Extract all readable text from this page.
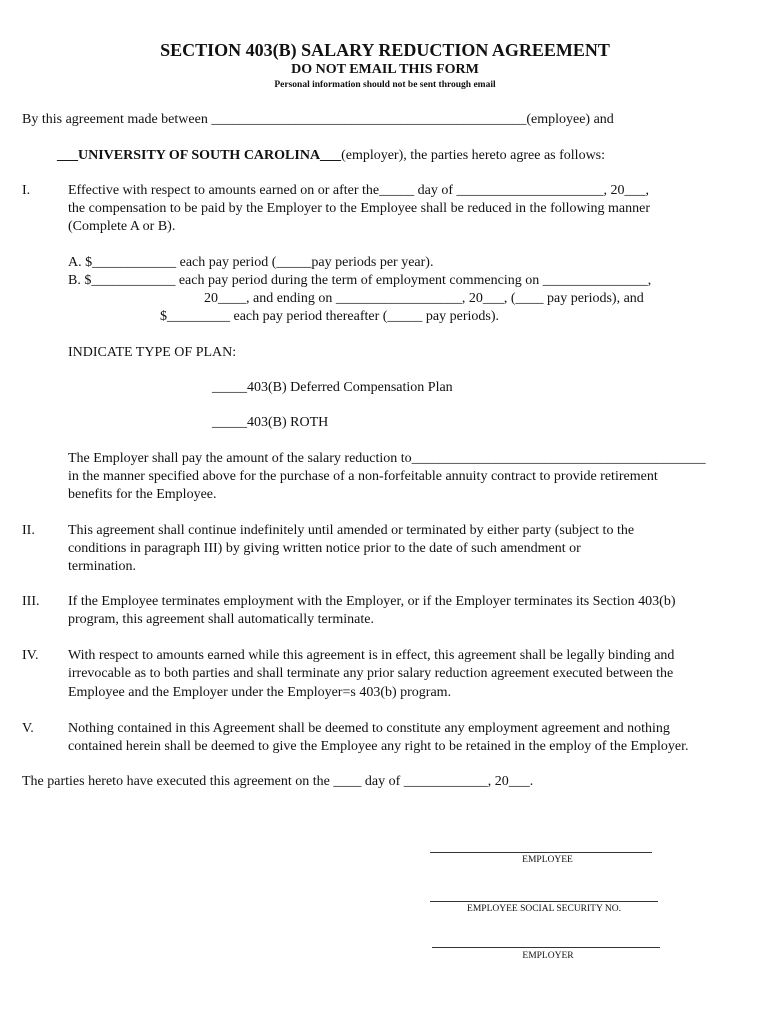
SECTION 403(B) SALARY REDUCTION AGREEMENT
DO NOT EMAIL THIS FORM
Personal information should not be sent through email
By this agreement made between _____________________________________________(employee) and
___UNIVERSITY OF SOUTH CAROLINA___(employer), the parties hereto agree as follows:
I.	Effective with respect to amounts earned on or after the_____ day of _____________________, 20___,
the compensation to be paid by the Employer to the Employee shall be reduced in the following manner
(Complete A or B).
A. $____________ each pay period (_____pay periods per year).
B. $____________ each pay period during the term of employment commencing on _______________,
20____, and ending on __________________, 20___, (____ pay periods), and
$_________ each pay period thereafter (_____ pay periods).
INDICATE TYPE OF PLAN:
_____403(B) Deferred Compensation Plan
_____403(B) ROTH
The Employer shall pay the amount of the salary reduction to__________________________________________
in the manner specified above for the purchase of a non-forfeitable annuity contract to provide retirement
benefits for the Employee.
II. This agreement shall continue indefinitely until amended or terminated by either party (subject to the
conditions in paragraph III) by giving written notice prior to the date of such amendment or
termination.
III. If the Employee terminates employment with the Employer, or if the Employer terminates its Section 403(b)
program, this agreement shall automatically terminate.
IV. With respect to amounts earned while this agreement is in effect, this agreement shall be legally binding and
irrevocable as to both parties and shall terminate any prior salary reduction agreement executed between the
Employee and the Employer under the Employer=s 403(b) program.
V. Nothing contained in this Agreement shall be deemed to constitute any employment agreement and nothing
contained herein shall be deemed to give the Employee any right to be retained in the employ of the Employer.
The parties hereto have executed this agreement on the ____ day of ____________, 20___.
EMPLOYEE
EMPLOYEE SOCIAL SECURITY NO.
EMPLOYER
